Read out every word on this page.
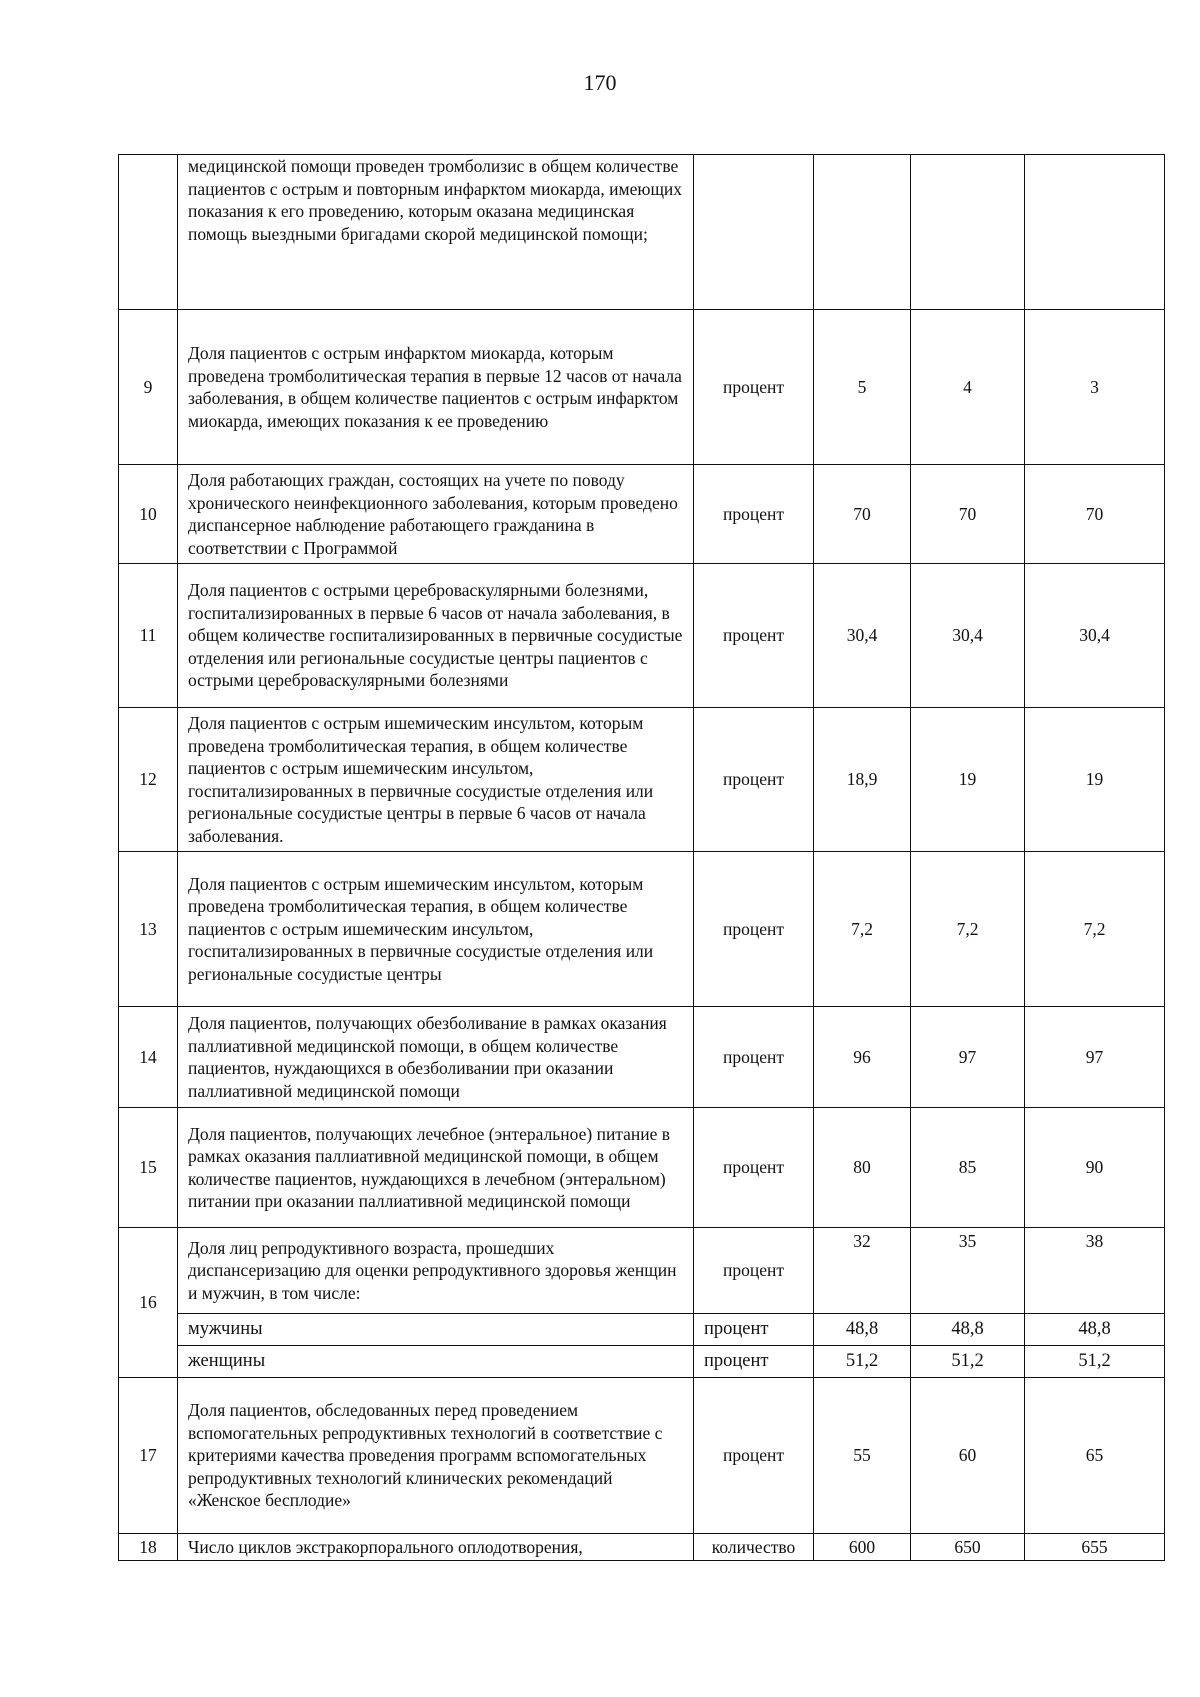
170
	медицинской помощи проведен тромболизис в общем количестве пациентов с острым и повторным инфарктом миокарда, имеющих показания к его проведению, которым оказана медицинская помощь выездными бригадами скорой медицинской помощи;				
9	Доля пациентов с острым инфарктом миокарда, которым проведена тромболитическая терапия в первые 12 часов от начала заболевания, в общем количестве пациентов с острым инфарктом миокарда, имеющих показания к ее проведению	процент	5	4	3
10	Доля работающих граждан, состоящих на учете по поводу хронического неинфекционного заболевания, которым проведено диспансерное наблюдение работающего гражданина в соответствии с Программой	процент	70	70	70
11	Доля пациентов с острыми цереброваскулярными болезнями, госпитализированных в первые 6 часов от начала заболевания, в общем количестве госпитализированных в первичные сосудистые отделения или региональные сосудистые центры пациентов с острыми цереброваскулярными болезнями	процент	30,4	30,4	30,4
12	Доля пациентов с острым ишемическим инсультом, которым проведена тромболитическая терапия, в общем количестве пациентов с острым ишемическим инсультом, госпитализированных в первичные сосудистые отделения или региональные сосудистые центры в первые 6 часов от начала заболевания.	процент	18,9	19	19
13	Доля пациентов с острым ишемическим инсультом, которым проведена тромболитическая терапия, в общем количестве пациентов с острым ишемическим инсультом, госпитализированных в первичные сосудистые отделения или региональные сосудистые центры	процент	7,2	7,2	7,2
14	Доля пациентов, получающих обезболивание в рамках оказания паллиативной медицинской помощи, в общем количестве пациентов, нуждающихся в обезболивании при оказании паллиативной медицинской помощи	процент	96	97	97
15	Доля пациентов, получающих лечебное (энтеральное) питание в рамках оказания паллиативной медицинской помощи, в общем количестве пациентов, нуждающихся в лечебном (энтеральном) питании при оказании паллиативной медицинской помощи	процент	80	85	90
16	Доля лиц репродуктивного возраста, прошедших диспансеризацию для оценки репродуктивного здоровья женщин и мужчин, в том числе:	процент	32	35	38
	мужчины	процент	48,8	48,8	48,8
	женщины	процент	51,2	51,2	51,2
17	Доля пациентов, обследованных перед проведением вспомогательных репродуктивных технологий в соответствие с критериями качества проведения программ вспомогательных репродуктивных технологий клинических рекомендаций «Женское бесплодие»	процент	55	60	65
18	Число циклов экстракорпорального оплодотворения,	количество	600	650	655
